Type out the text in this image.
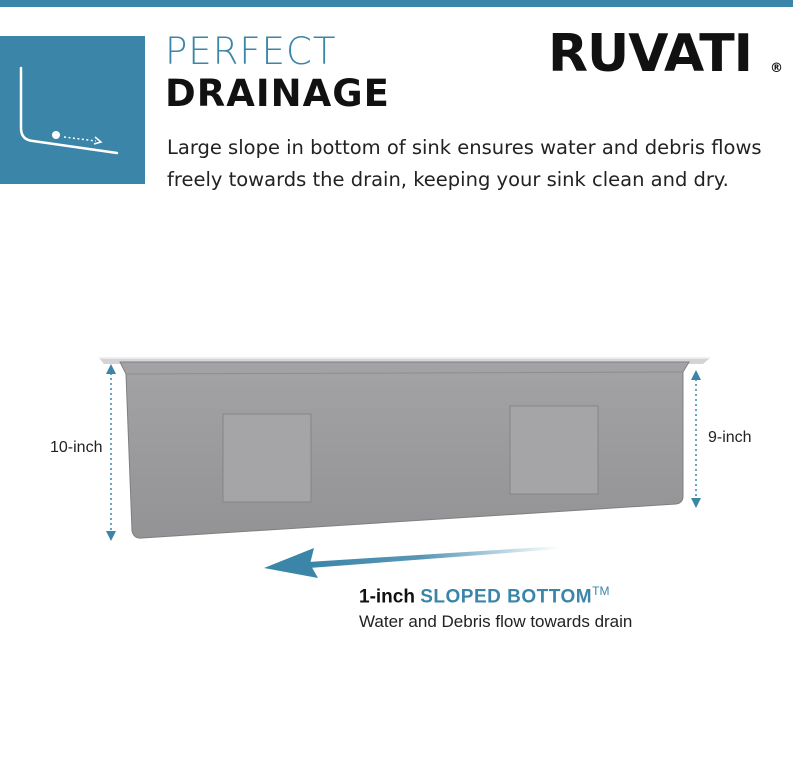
PERFECT
DRAINAGE
RUVATI ®
Large slope in bottom of sink ensures water and debris flows freely towards the drain, keeping your sink clean and dry.
10-inch
9-inch
1-inch SLOPED BOTTOM™
Water and Debris flow towards drain
